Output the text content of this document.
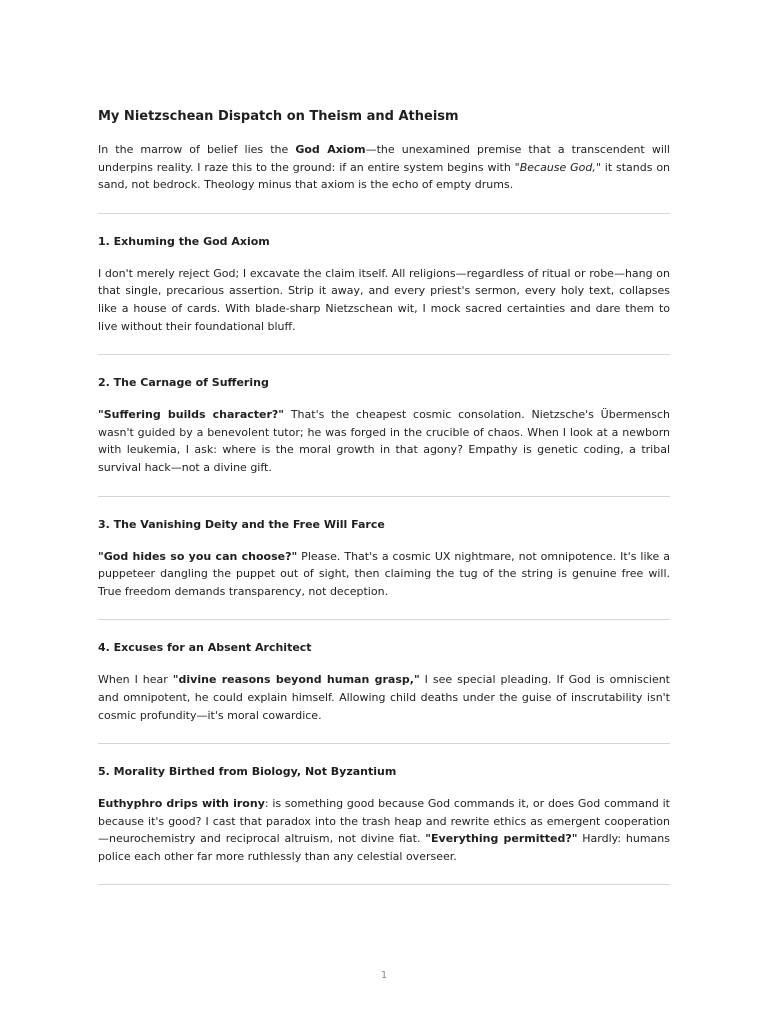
My Nietzschean Dispatch on Theism and Atheism

In the marrow of belief lies the God Axiom—the unexamined premise that a transcendent will underpins reality. I raze this to the ground: if an entire system begins with "Because God," it stands on sand, not bedrock. Theology minus that axiom is the echo of empty drums.

1. Exhuming the God Axiom

I don't merely reject God; I excavate the claim itself. All religions—regardless of ritual or robe—hang on that single, precarious assertion. Strip it away, and every priest's sermon, every holy text, collapses like a house of cards. With blade-sharp Nietzschean wit, I mock sacred certainties and dare them to live without their foundational bluff.

2. The Carnage of Suffering

"Suffering builds character?" That's the cheapest cosmic consolation. Nietzsche's Übermensch wasn't guided by a benevolent tutor; he was forged in the crucible of chaos. When I look at a newborn with leukemia, I ask: where is the moral growth in that agony? Empathy is genetic coding, a tribal survival hack—not a divine gift.

3. The Vanishing Deity and the Free Will Farce

"God hides so you can choose?" Please. That's a cosmic UX nightmare, not omnipotence. It's like a puppeteer dangling the puppet out of sight, then claiming the tug of the string is genuine free will. True freedom demands transparency, not deception.

4. Excuses for an Absent Architect

When I hear "divine reasons beyond human grasp," I see special pleading. If God is omniscient and omnipotent, he could explain himself. Allowing child deaths under the guise of inscrutability isn't cosmic profundity—it's moral cowardice.

5. Morality Birthed from Biology, Not Byzantium

Euthyphro drips with irony: is something good because God commands it, or does God command it because it's good? I cast that paradox into the trash heap and rewrite ethics as emergent cooperation—neurochemistry and reciprocal altruism, not divine fiat. "Everything permitted?" Hardly: humans police each other far more ruthlessly than any celestial overseer.

1
